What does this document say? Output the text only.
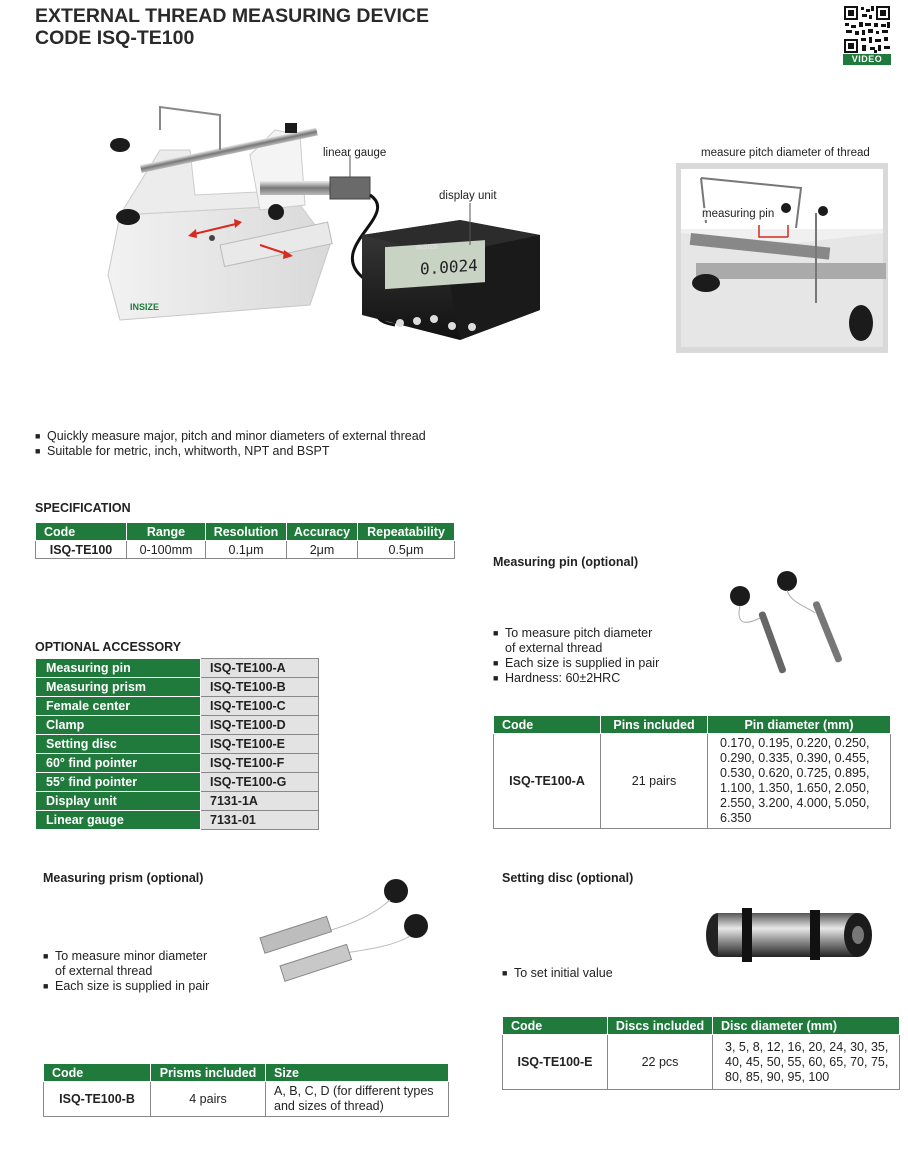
EXTERNAL THREAD MEASURING DEVICE
CODE ISQ-TE100
VIDEO
0.0024
INSIZE
INSIZE
linear gauge
display unit
measure pitch diameter of thread
measuring pin
■ Quickly measure major, pitch and minor diameters of external thread
■ Suitable for metric, inch, whitworth, NPT and BSPT
SPECIFICATION
Code	Range	Resolution	Accuracy	Repeatability
ISQ-TE100	0-100mm	0.1μm	2μm	0.5μm
OPTIONAL ACCESSORY
Measuring pin	ISQ-TE100-A
Measuring prism	ISQ-TE100-B
Female center	ISQ-TE100-C
Clamp	ISQ-TE100-D
Setting disc	ISQ-TE100-E
60° find pointer	ISQ-TE100-F
55° find pointer	ISQ-TE100-G
Display unit	7131-1A
Linear gauge	7131-01
Measuring pin (optional)
■ To measure pitch diameter
of external thread
■ Each size is supplied in pair
■ Hardness: 60±2HRC
Code	Pins included	Pin diameter (mm)
ISQ-TE100-A	21 pairs	0.170, 0.195, 0.220, 0.250, 0.290, 0.335, 0.390, 0.455, 0.530, 0.620, 0.725, 0.895, 1.100, 1.350, 1.650, 2.050, 2.550, 3.200, 4.000, 5.050, 6.350
Measuring prism (optional)
■ To measure minor diameter
of external thread
■ Each size is supplied in pair
Code	Prisms included	Size
ISQ-TE100-B	4 pairs	A, B, C, D (for different types and sizes of thread)
Setting disc (optional)
■ To set initial value
Code	Discs included	Disc diameter (mm)
ISQ-TE100-E	22 pcs	3, 5, 8, 12, 16, 20, 24, 30, 35, 40, 45, 50, 55, 60, 65, 70, 75, 80, 85, 90, 95, 100
